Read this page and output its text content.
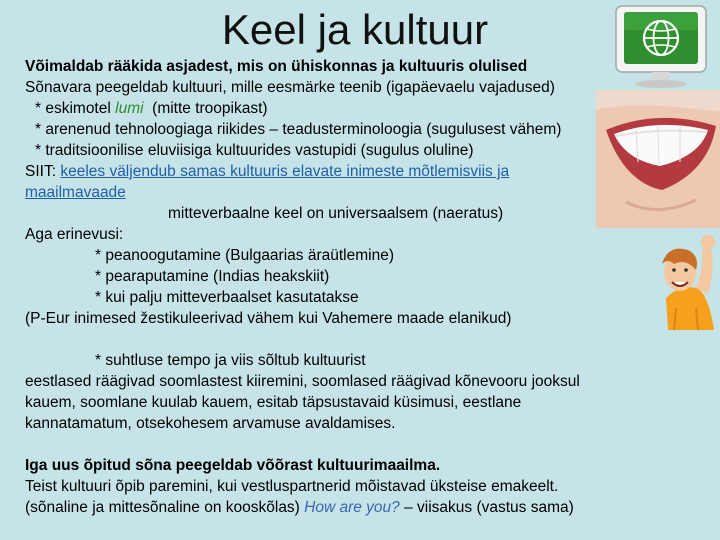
Keel ja kultuur
Võimaldab rääkida asjadest, mis on ühiskonnas ja kultuuris olulised
Sõnavara peegeldab kultuuri, mille eesmärke teenib (igapäevaelu vajadused)
* eskimotel lumi  (mitte troopikast)
* arenenud tehnoloogiaga riikides – teadusterminoloogia (sugulusest vähem)
* traditsioonilise eluviisiga kultuurides vastupidi (sugulus oluline)
SIIT: keeles väljendub samas kultuuris elavate inimeste mõtlemisviis ja
maailmavaade
mitteverbaalne keel on universaalsem (naeratus)
Aga erinevusi:
* peanoogutamine (Bulgaarias äraütlemine)
* pearaputamine (Indias heakskiit)
* kui palju mitteverbaalset kasutatakse
(P-Eur inimesed žestikuleerivad vähem kui Vahemere maade elanikud)
* suhtluse tempo ja viis sõltub kultuurist
eestlased räägivad soomlastest kiiremini, soomlased räägivad kõnevooru jooksul
kauem, soomlane kuulab kauem, esitab täpsustavaid küsimusi, eestlane
kannatamatum, otsekohesem arvamuse avaldamises.
Iga uus õpitud sõna peegeldab võõrast kultuurimaailma.
Teist kultuuri õpib paremini, kui vestluspartnerid mõistavad üksteise emakeelt.
(sõnaline ja mittesõnaline on kooskõlas) How are you? – viisakus (vastus sama)
